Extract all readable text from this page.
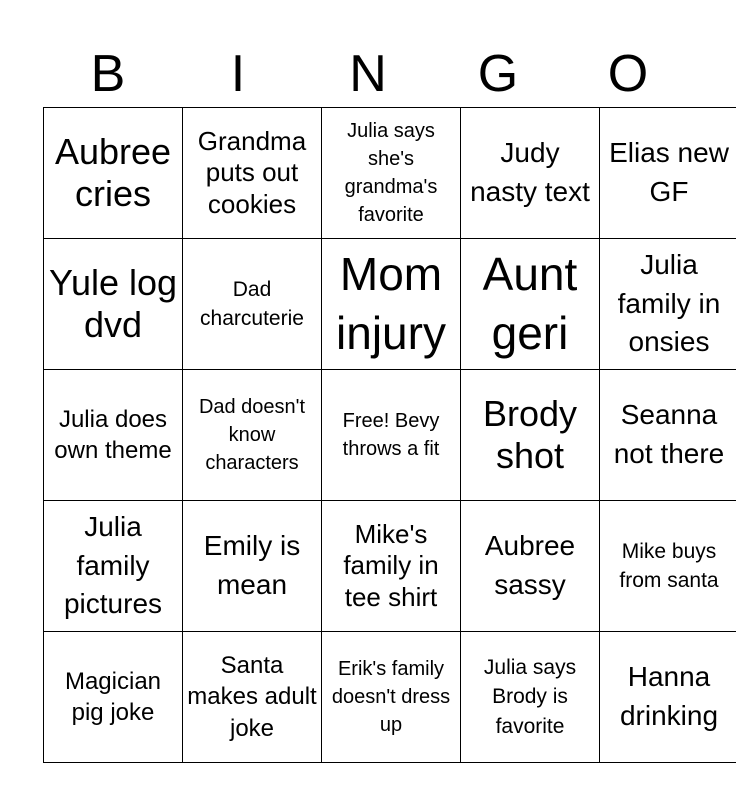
B	I	N	G	O
Aubree cries	Grandma puts out cookies	Julia says she's grandma's favorite	Judy nasty text	Elias new GF
Yule log dvd	Dad charcuterie	Mom injury	Aunt geri	Julia family in onsies
Julia does own theme	Dad doesn't know characters	Free! Bevy throws a fit	Brody shot	Seanna not there
Julia family pictures	Emily is mean	Mike's family in tee shirt	Aubree sassy	Mike buys from santa
Magician pig joke	Santa makes adult joke	Erik's family doesn't dress up	Julia says Brody is favorite	Hanna drinking
